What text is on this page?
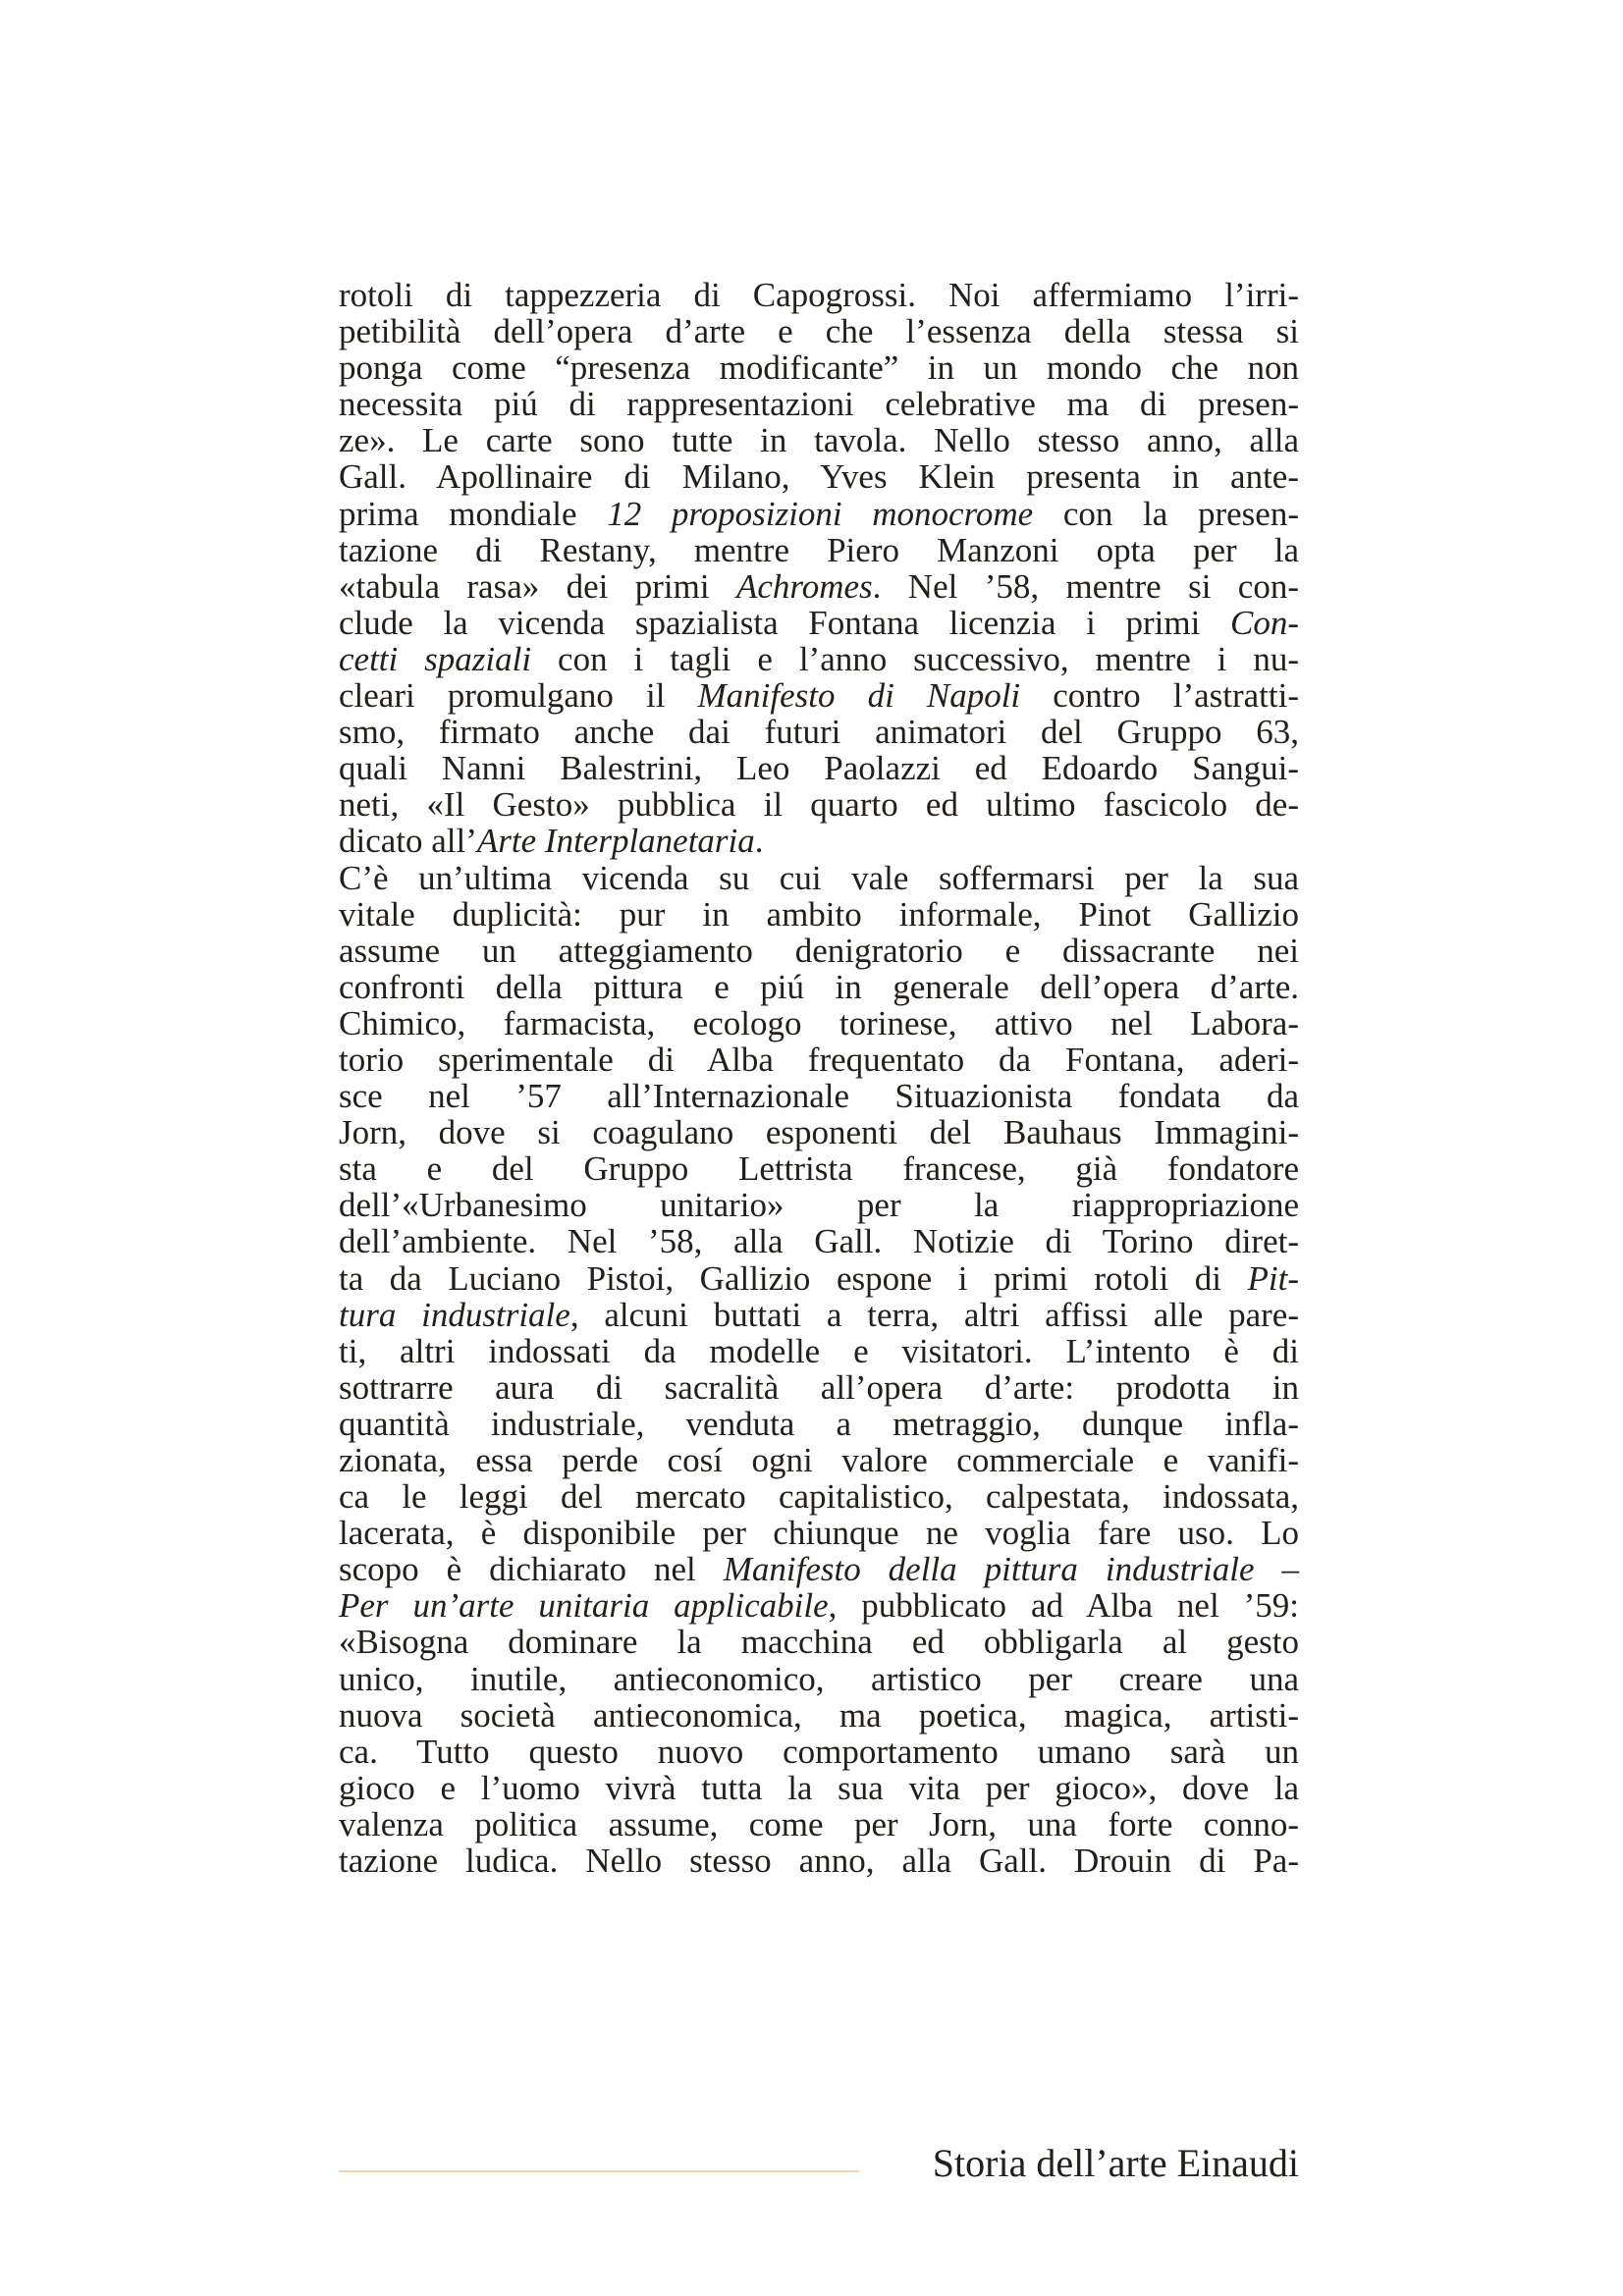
rotoli di tappezzeria di Capogrossi. Noi affermiamo l’irri-
petibilità dell’opera d’arte e che l’essenza della stessa si
ponga come “presenza modificante” in un mondo che non
necessita piú di rappresentazioni celebrative ma di presen-
ze». Le carte sono tutte in tavola. Nello stesso anno, alla
Gall. Apollinaire di Milano, Yves Klein presenta in ante-
prima mondiale 12 proposizioni monocrome con la presen-
tazione di Restany, mentre Piero Manzoni opta per la
«tabula rasa» dei primi Achromes. Nel ’58, mentre si con-
clude la vicenda spazialista Fontana licenzia i primi Con-
cetti spaziali con i tagli e l’anno successivo, mentre i nu-
cleari promulgano il Manifesto di Napoli contro l’astratti-
smo, firmato anche dai futuri animatori del Gruppo 63,
quali Nanni Balestrini, Leo Paolazzi ed Edoardo Sangui-
neti, «Il Gesto» pubblica il quarto ed ultimo fascicolo de-
dicato all’Arte Interplanetaria.
C’è un’ultima vicenda su cui vale soffermarsi per la sua
vitale duplicità: pur in ambito informale, Pinot Gallizio
assume un atteggiamento denigratorio e dissacrante nei
confronti della pittura e piú in generale dell’opera d’arte.
Chimico, farmacista, ecologo torinese, attivo nel Labora-
torio sperimentale di Alba frequentato da Fontana, aderi-
sce nel ’57 all’Internazionale Situazionista fondata da
Jorn, dove si coagulano esponenti del Bauhaus Immagini-
sta e del Gruppo Lettrista francese, già fondatore
dell’«Urbanesimo unitario» per la riappropriazione
dell’ambiente. Nel ’58, alla Gall. Notizie di Torino diret-
ta da Luciano Pistoi, Gallizio espone i primi rotoli di Pit-
tura industriale, alcuni buttati a terra, altri affissi alle pare-
ti, altri indossati da modelle e visitatori. L’intento è di
sottrarre aura di sacralità all’opera d’arte: prodotta in
quantità industriale, venduta a metraggio, dunque infla-
zionata, essa perde cosí ogni valore commerciale e vanifi-
ca le leggi del mercato capitalistico, calpestata, indossata,
lacerata, è disponibile per chiunque ne voglia fare uso. Lo
scopo è dichiarato nel Manifesto della pittura industriale –
Per un’arte unitaria applicabile, pubblicato ad Alba nel ’59:
«Bisogna dominare la macchina ed obbligarla al gesto
unico, inutile, antieconomico, artistico per creare una
nuova società antieconomica, ma poetica, magica, artisti-
ca. Tutto questo nuovo comportamento umano sarà un
gioco e l’uomo vivrà tutta la sua vita per gioco», dove la
valenza politica assume, come per Jorn, una forte conno-
tazione ludica. Nello stesso anno, alla Gall. Drouin di Pa-
Storia dell’arte Einaudi
